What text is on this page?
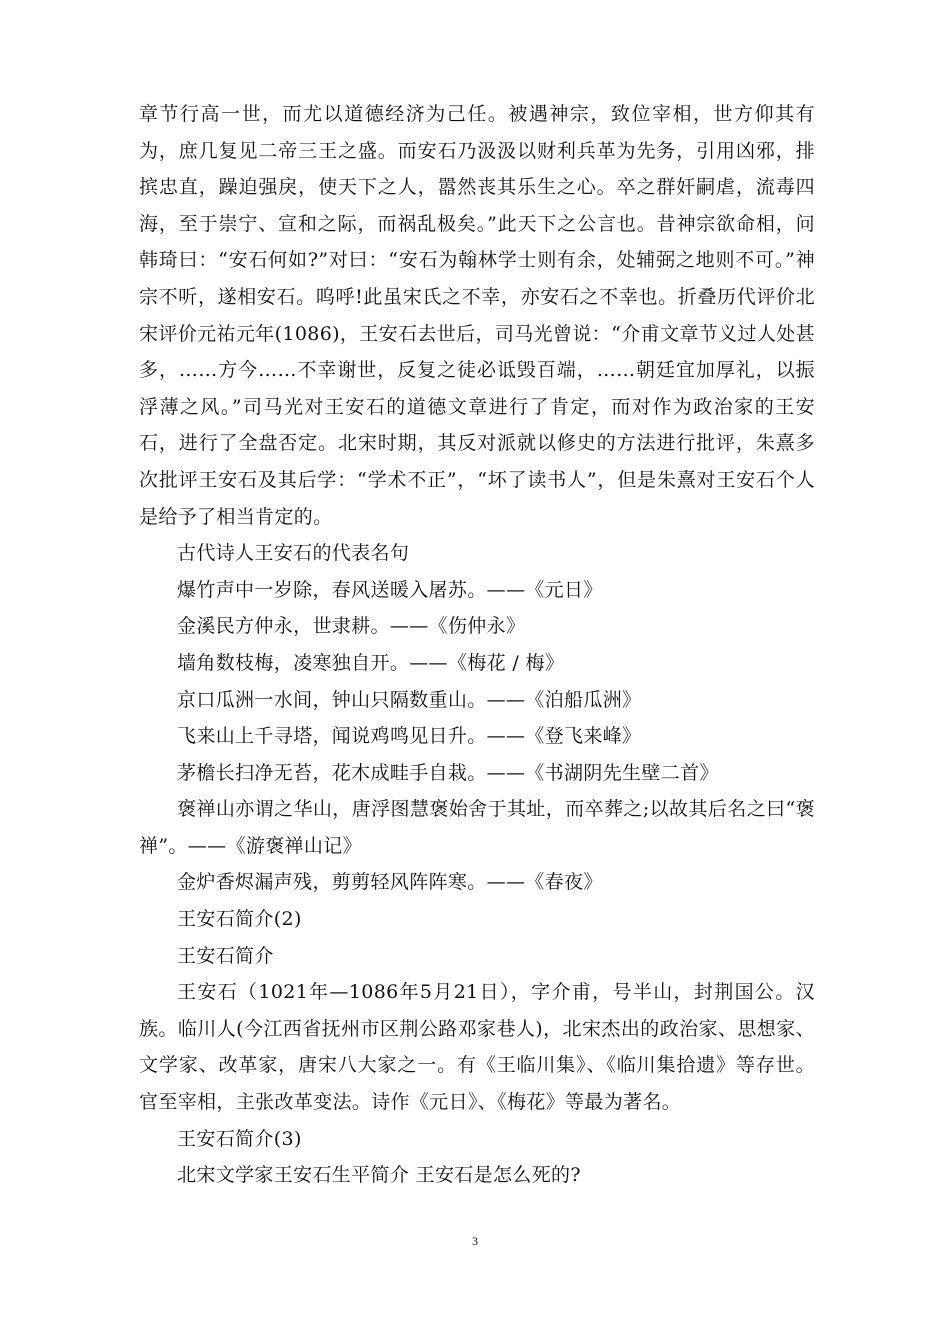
章节行高一世，而尤以道德经济为己任。被遇神宗，致位宰相，世方仰其有为，庶几复见二帝三王之盛。而安石乃汲汲以财利兵革为先务，引用凶邪，排摈忠直，躁迫强戾，使天下之人，嚣然丧其乐生之心。卒之群奸嗣虐，流毒四海，至于崇宁、宣和之际，而祸乱极矣。”此天下之公言也。昔神宗欲命相，问韩琦曰：“安石何如?”对曰：“安石为翰林学士则有余，处辅弼之地则不可。”神宗不听，遂相安石。呜呼!此虽宋氏之不幸，亦安石之不幸也。折叠历代评价北宋评价元祐元年(1086)，王安石去世后，司马光曾说：“介甫文章节义过人处甚多，……方今……不幸谢世，反复之徒必诋毁百端，……朝廷宜加厚礼，以振浮薄之风。”司马光对王安石的道德文章进行了肯定，而对作为政治家的王安石，进行了全盘否定。北宋时期，其反对派就以修史的方法进行批评，朱熹多次批评王安石及其后学：“学术不正”，“坏了读书人”，但是朱熹对王安石个人是给予了相当肯定的。

古代诗人王安石的代表名句

爆竹声中一岁除，春风送暖入屠苏。——《元日》

金溪民方仲永，世隶耕。——《伤仲永》

墙角数枝梅，凌寒独自开。——《梅花 / 梅》

京口瓜洲一水间，钟山只隔数重山。——《泊船瓜洲》

飞来山上千寻塔，闻说鸡鸣见日升。——《登飞来峰》

茅檐长扫净无苔，花木成畦手自栽。——《书湖阴先生壁二首》

褒禅山亦谓之华山，唐浮图慧褒始舍于其址，而卒葬之;以故其后名之曰“褒禅”。——《游褒禅山记》

金炉香烬漏声残，剪剪轻风阵阵寒。——《春夜》

王安石简介(2)

王安石简介

王安石（1021年—1086年5月21日），字介甫，号半山，封荆国公。汉族。临川人(今江西省抚州市区荆公路邓家巷人)，北宋杰出的政治家、思想家、文学家、改革家，唐宋八大家之一。有《王临川集》、《临川集拾遗》等存世。官至宰相，主张改革变法。诗作《元日》、《梅花》等最为著名。

王安石简介(3)

北宋文学家王安石生平简介 王安石是怎么死的?

3
